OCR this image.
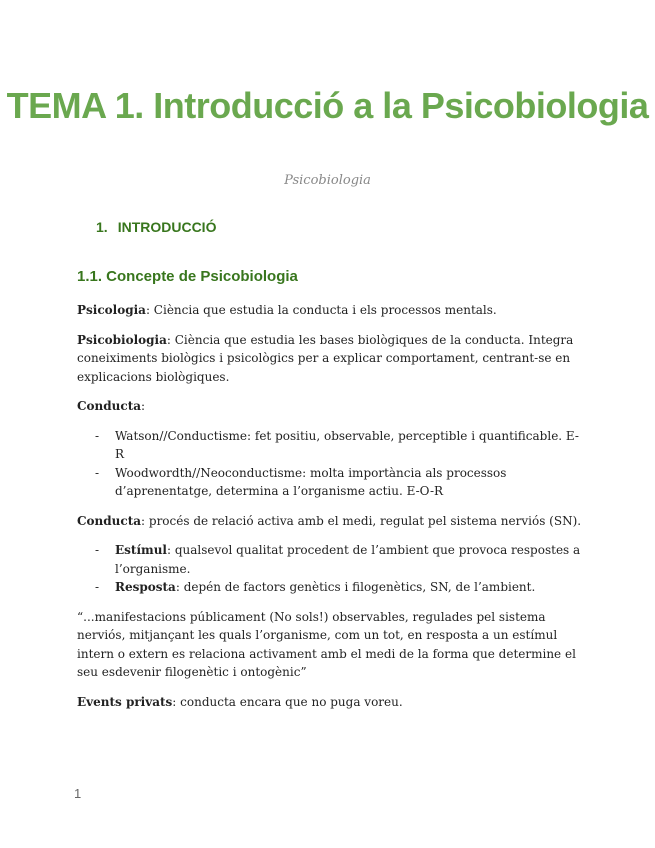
TEMA 1. Introducció a la Psicobiologia
Psicobiologia
1. INTRODUCCIÓ
1.1. Concepte de Psicobiologia

Psicologia: Ciència que estudia la conducta i els processos mentals.

Psicobiologia: Ciència que estudia les bases biològiques de la conducta. Integra coneiximents biològics i psicològics per a explicar comportament, centrant-se en explicacions biològiques.

Conducta:

- Watson//Conductisme: fet positiu, observable, perceptible i quantificable. E-R
- Woodwordth//Neoconductisme: molta importància als processos d’aprenentatge, determina a l’organisme actiu. E-O-R

Conducta: procés de relació activa amb el medi, regulat pel sistema nerviós (SN).

- Estímul: qualsevol qualitat procedent de l’ambient que provoca respostes a l’organisme.
- Resposta: depén de factors genètics i filogenètics, SN, de l’ambient.

“...manifestacions públicament (No sols!) observables, regulades pel sistema nerviós, mitjançant les quals l’organisme, com un tot, en resposta a un estímul intern o extern es relaciona activament amb el medi de la forma que determine el seu esdevenir filogenètic i ontogènic”

Events privats: conducta encara que no puga voreu.

1
